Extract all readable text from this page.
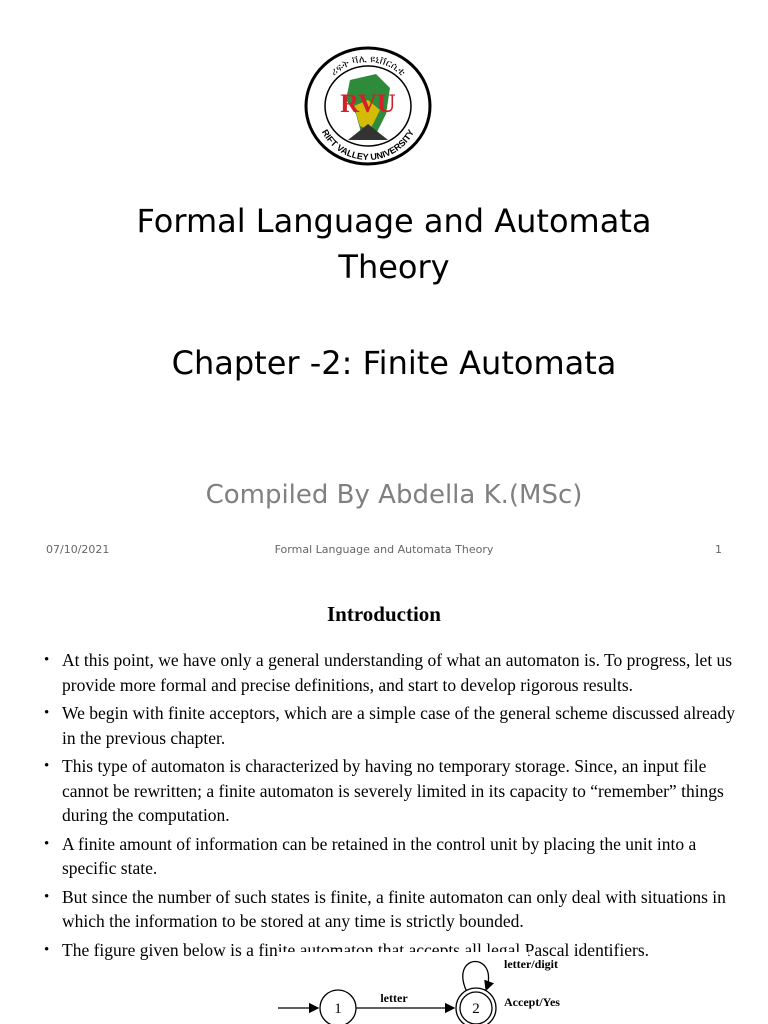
ሪፍት ቫሊ ዩኒቨርሲቲ
RIFT VALLEY UNIVERSITY
RVU
Formal Language and Automata
Theory
Chapter -2: Finite Automata
Compiled By Abdella K.(MSc)
07/10/2021	Formal Language and Automata Theory	1
Introduction
• At this point, we have only a general understanding of what an automaton is. To progress, let us provide more formal and precise definitions, and start to develop rigorous results.
• We begin with finite acceptors, which are a simple case of the general scheme discussed already in the previous chapter.
• This type of automaton is characterized by having no temporary storage. Since, an input file cannot be rewritten; a finite automaton is severely limited in its capacity to “remember” things during the computation.
• A finite amount of information can be retained in the control unit by placing the unit into a specific state.
• But since the number of such states is finite, a finite automaton can only deal with situations in which the information to be stored at any time is strictly bounded.
• The figure given below is a finite automaton that accepts all legal Pascal identifiers.
1
letter
2
letter/digit
Accept/Yes
